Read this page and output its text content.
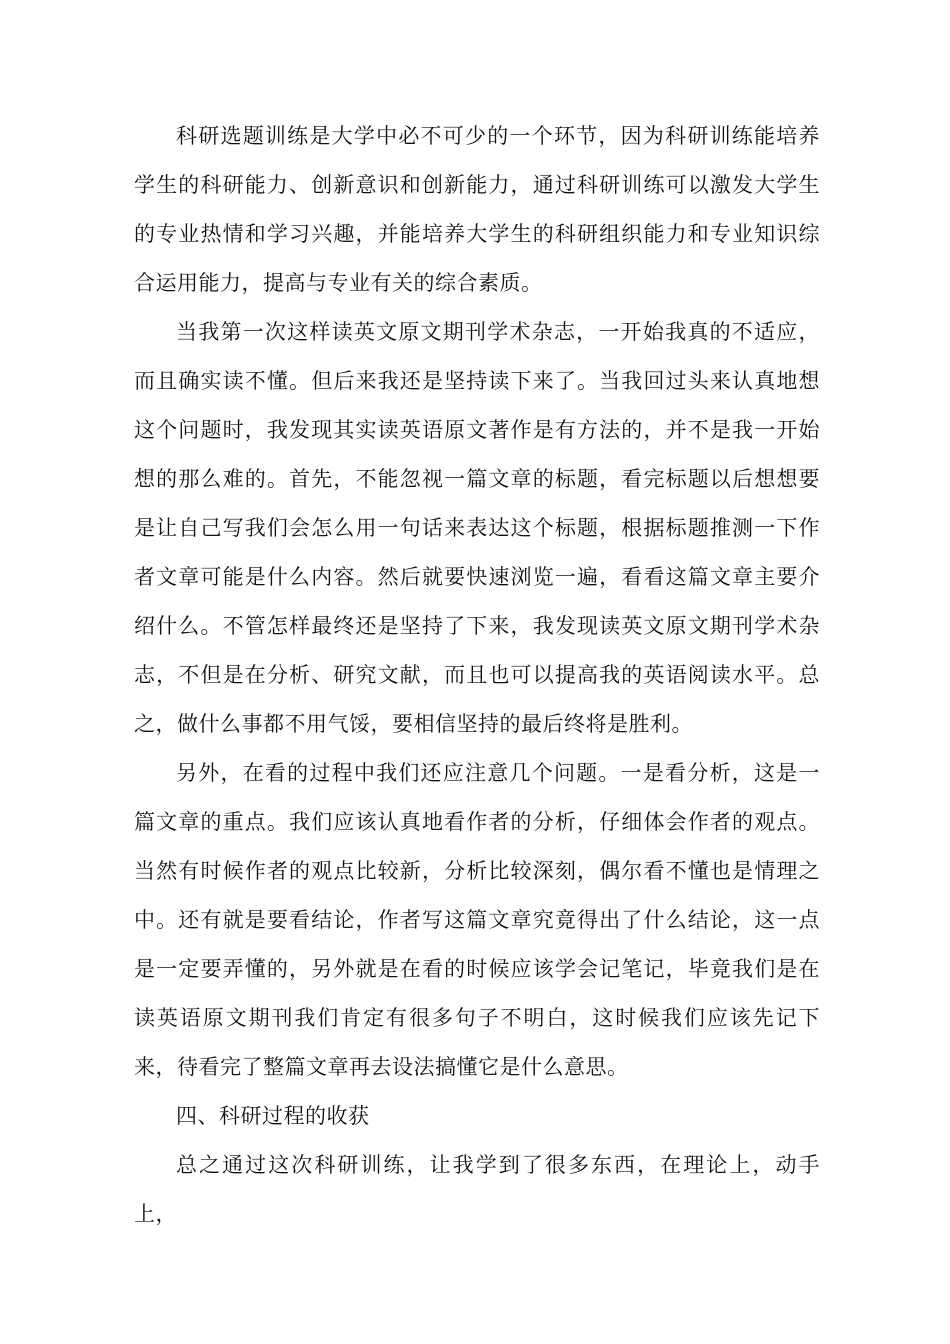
科研选题训练是大学中必不可少的一个环节，因为科研训练能培养学生的科研能力、创新意识和创新能力，通过科研训练可以激发大学生的专业热情和学习兴趣，并能培养大学生的科研组织能力和专业知识综合运用能力，提高与专业有关的综合素质。

当我第一次这样读英文原文期刊学术杂志，一开始我真的不适应，而且确实读不懂。但后来我还是坚持读下来了。当我回过头来认真地想这个问题时，我发现其实读英语原文著作是有方法的，并不是我一开始想的那么难的。首先，不能忽视一篇文章的标题，看完标题以后想想要是让自己写我们会怎么用一句话来表达这个标题，根据标题推测一下作者文章可能是什么内容。然后就要快速浏览一遍，看看这篇文章主要介绍什么。不管怎样最终还是坚持了下来，我发现读英文原文期刊学术杂志，不但是在分析、研究文献，而且也可以提高我的英语阅读水平。总之，做什么事都不用气馁，要相信坚持的最后终将是胜利。

另外，在看的过程中我们还应注意几个问题。一是看分析，这是一篇文章的重点。我们应该认真地看作者的分析，仔细体会作者的观点。当然有时候作者的观点比较新，分析比较深刻，偶尔看不懂也是情理之中。还有就是要看结论，作者写这篇文章究竟得出了什么结论，这一点是一定要弄懂的，另外就是在看的时候应该学会记笔记，毕竟我们是在读英语原文期刊我们肯定有很多句子不明白，这时候我们应该先记下来，待看完了整篇文章再去设法搞懂它是什么意思。

四、科研过程的收获

总之通过这次科研训练，让我学到了很多东西，在理论上，动手上，
